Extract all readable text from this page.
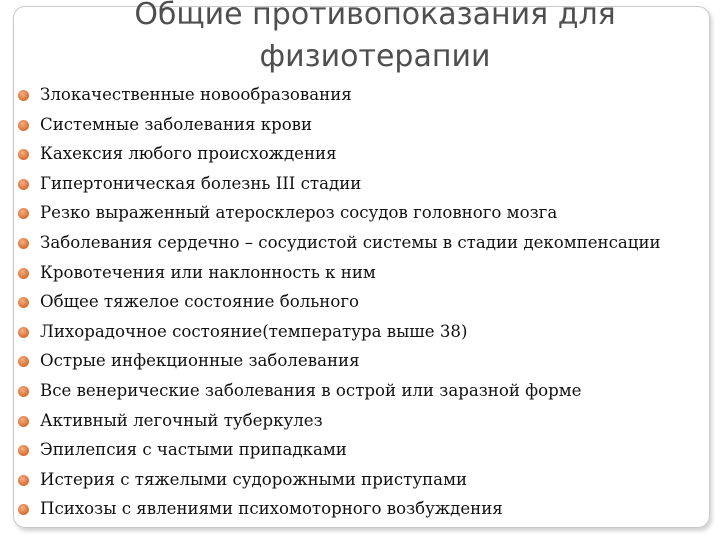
Общие противопоказания для физиотерапии
Злокачественные новообразования
Системные заболевания крови
Кахексия любого происхождения
Гипертоническая болезнь III стадии
Резко выраженный атеросклероз сосудов головного мозга
Заболевания сердечно – сосудистой системы в стадии декомпенсации
Кровотечения или наклонность к ним
Общее тяжелое состояние больного
Лихорадочное состояние(температура выше 38)
Острые инфекционные заболевания
Все венерические заболевания в острой или заразной форме
Активный легочный туберкулез
Эпилепсия с частыми припадками
Истерия с тяжелыми судорожными приступами
Психозы с явлениями психомоторного возбуждения
